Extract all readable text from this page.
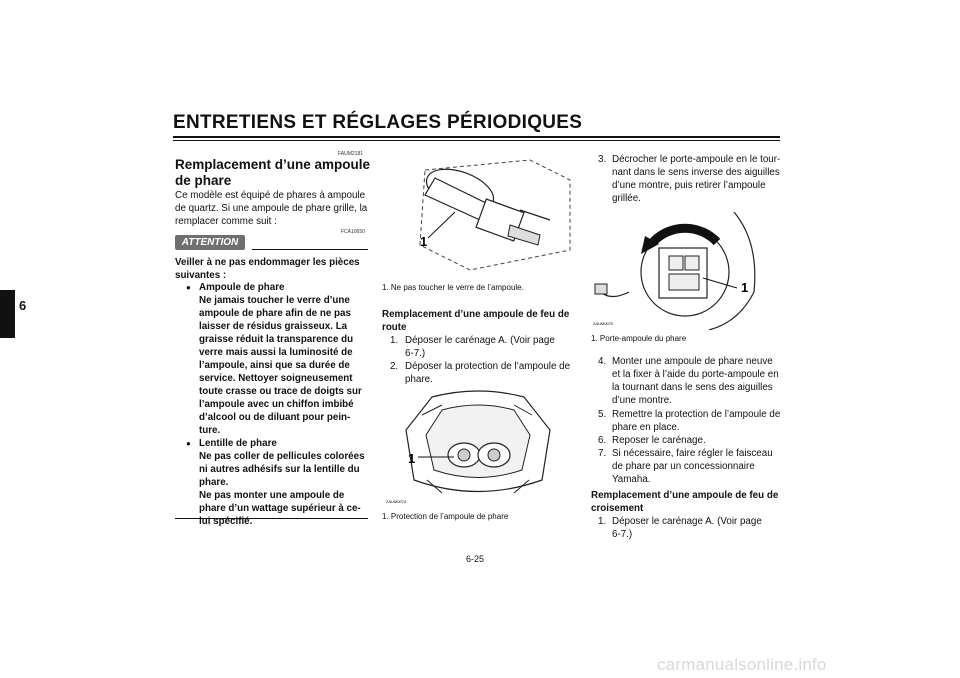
ENTRETIENS ET RÉGLAGES PÉRIODIQUES
6
FAUM2181
Remplacement d’une ampoule
de phare
Ce modèle est équipé de phares à ampoule
de quartz. Si une ampoule de phare grille, la
remplacer comme suit :
ATTENTION
FCA10650
Veiller à ne pas endommager les pièces
suivantes :
● Ampoule de phare
Ne jamais toucher le verre d’une
ampoule de phare afin de ne pas
laisser de résidus graisseux. La
graisse réduit la transparence du
verre mais aussi la luminosité de
l’ampoule, ainsi que sa durée de
service. Nettoyer soigneusement
toute crasse ou trace de doigts sur
l’ampoule avec un chiffon imbibé
d’alcool ou de diluant pour pein-
ture.
● Lentille de phare
Ne pas coller de pellicules colorées
ni autres adhésifs sur la lentille du
phare.
Ne pas monter une ampoule de
phare d’un wattage supérieur à ce-
lui spécifié.
1
1. Ne pas toucher le verre de l’ampoule.
Remplacement d’une ampoule de feu de
route
1. Déposer le carénage A. (Voir page
6-7.)
2. Déposer la protection de l’ampoule de
phare.
1
ZAUM0074
1. Protection de l’ampoule de phare
3. Décrocher le porte-ampoule en le tour-
nant dans le sens inverse des aiguilles
d’une montre, puis retirer l’ampoule
grillée.
1
ZAUM0070
1. Porte-ampoule du phare
4. Monter une ampoule de phare neuve
et la fixer à l’aide du porte-ampoule en
la tournant dans le sens des aiguilles
d’une montre.
5. Remettre la protection de l’ampoule de
phare en place.
6. Reposer le carénage.
7. Si nécessaire, faire régler le faisceau
de phare par un concessionnaire
Yamaha.
Remplacement d’une ampoule de feu de
croisement
1. Déposer le carénage A. (Voir page
6-7.)
6-25
carmanualsonline.info
